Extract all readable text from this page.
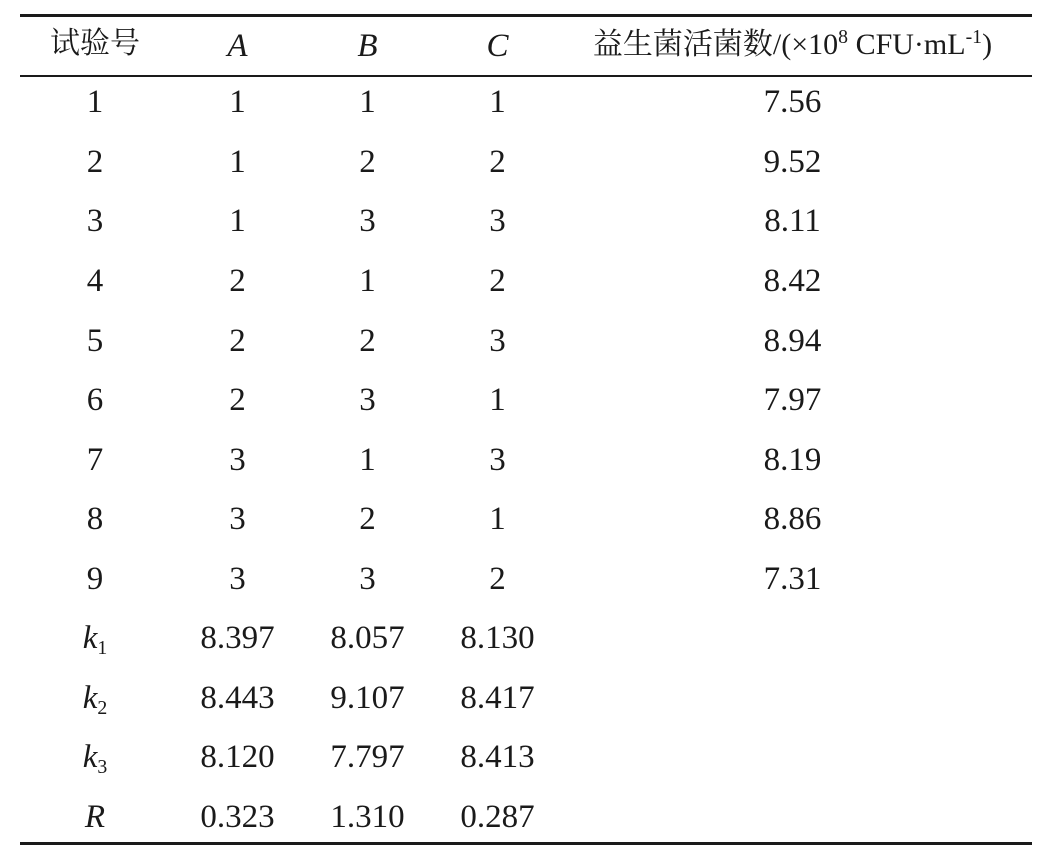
试验号	A	B	C	益生菌活菌数$/(\times 10^8$ $CFU\cdot mL^{-1}$)
1	1	1	1	7.56
2	1	2	2	9.52
3	1	3	3	8.11
4	2	1	2	8.42
5	2	2	3	8.94
6	2	3	1	7.97
7	3	1	3	8.19
8	3	2	1	8.86
9	3	3	2	7.31
$k_1$	8.397	8.057	8.130
$k_2$	8.443	9.107	8.417
$k_3$	8.120	7.797	8.413
R	0.323	1.310	0.287
